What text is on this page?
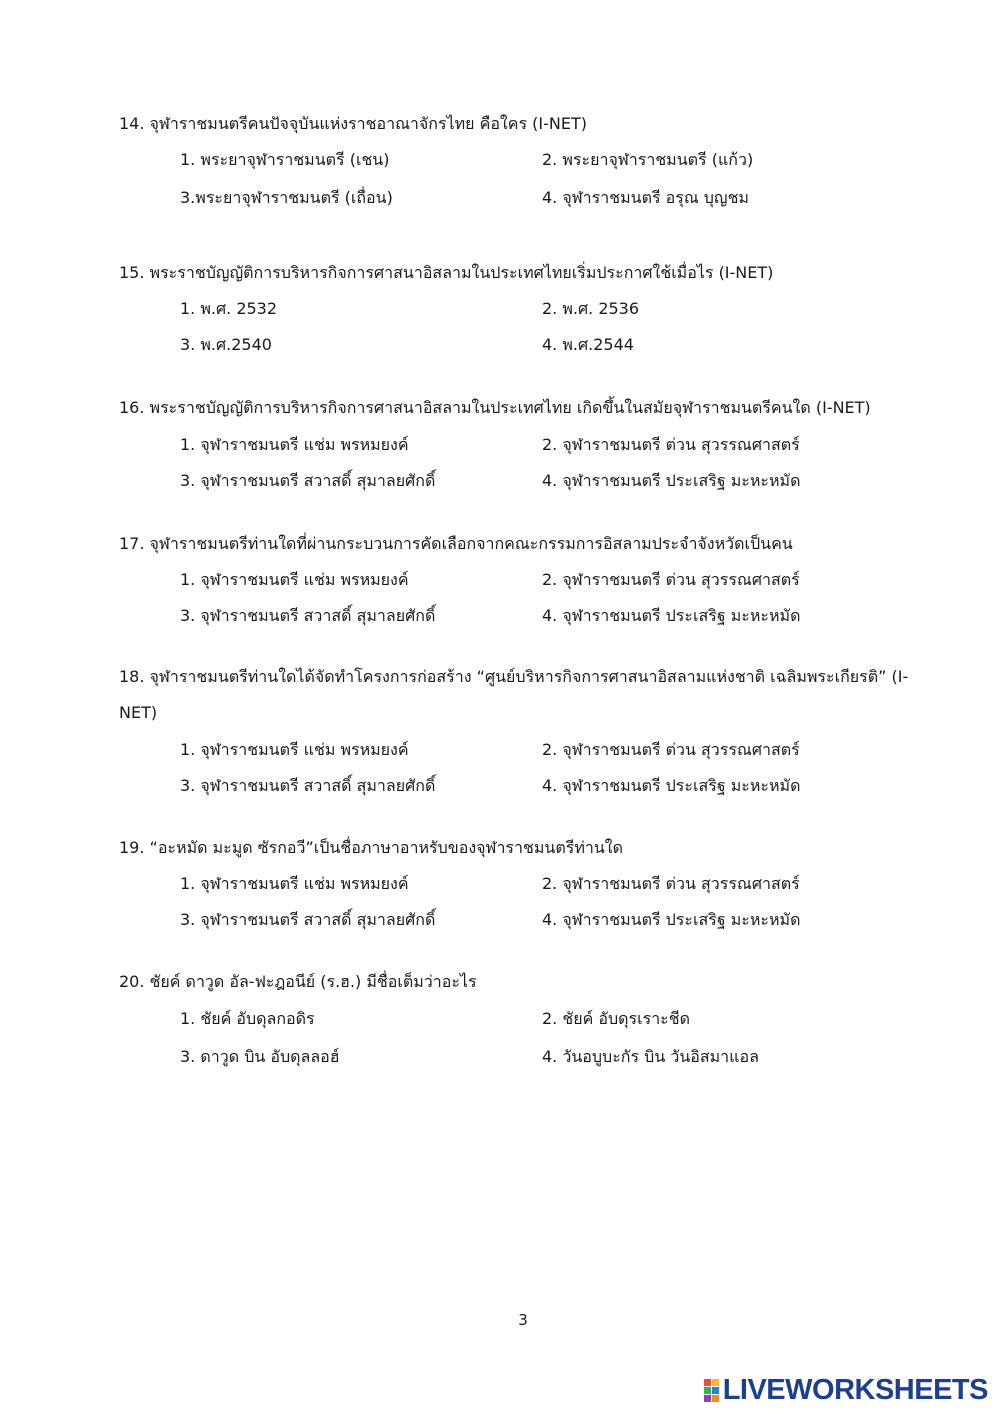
14. จุฬาราชมนตรีคนปัจจุบันแห่งราชอาณาจักรไทย คือใคร (I-NET)
1. พระยาจุฬาราชมนตรี (เชน)	2. พระยาจุฬาราชมนตรี (แก้ว)
3.พระยาจุฬาราชมนตรี (เถื่อน)	4. จุฬาราชมนตรี อรุณ บุญชม
15. พระราชบัญญัติการบริหารกิจการศาสนาอิสลามในประเทศไทยเริ่มประกาศใช้เมื่อไร (I-NET)
1. พ.ศ. 2532	2. พ.ศ. 2536
3. พ.ศ.2540	4. พ.ศ.2544
16. พระราชบัญญัติการบริหารกิจการศาสนาอิสลามในประเทศไทย เกิดขึ้นในสมัยจุฬาราชมนตรีคนใด (I-NET)
1. จุฬาราชมนตรี แช่ม พรหมยงค์	2. จุฬาราชมนตรี ต่วน สุวรรณศาสตร์
3. จุฬาราชมนตรี สวาสดิ์ สุมาลยศักดิ์	4. จุฬาราชมนตรี ประเสริฐ มะหะหมัด
17. จุฬาราชมนตรีท่านใดที่ผ่านกระบวนการคัดเลือกจากคณะกรรมการอิสลามประจำจังหวัดเป็นคน
1. จุฬาราชมนตรี แช่ม พรหมยงค์	2. จุฬาราชมนตรี ต่วน สุวรรณศาสตร์
3. จุฬาราชมนตรี สวาสดิ์ สุมาลยศักดิ์	4. จุฬาราชมนตรี ประเสริฐ มะหะหมัด
18. จุฬาราชมนตรีท่านใดได้จัดทำโครงการก่อสร้าง “ศูนย์บริหารกิจการศาสนาอิสลามแห่งชาติ เฉลิมพระเกียรติ” (I-NET)
1. จุฬาราชมนตรี แช่ม พรหมยงค์	2. จุฬาราชมนตรี ต่วน สุวรรณศาสตร์
3. จุฬาราชมนตรี สวาสดิ์ สุมาลยศักดิ์	4. จุฬาราชมนตรี ประเสริฐ มะหะหมัด
19. “อะหมัด มะมูด ซัรกอวี”เป็นชื่อภาษาอาหรับของจุฬาราชมนตรีท่านใด
1. จุฬาราชมนตรี แช่ม พรหมยงค์	2. จุฬาราชมนตรี ต่วน สุวรรณศาสตร์
3. จุฬาราชมนตรี สวาสดิ์ สุมาลยศักดิ์	4. จุฬาราชมนตรี ประเสริฐ มะหะหมัด
20. ชัยค์ ดาวูด อัล-ฟะฎอนีย์ (ร.ฮ.) มีชื่อเต็มว่าอะไร
1. ชัยค์ อับดุลกอดิร	2. ชัยค์ อับดุรเราะชีด
3. ดาวูด บิน อับดุลลอฮ์	4. วันอบูบะกัร บิน วันอิสมาแอล
3
LIVEWORKSHEETS
